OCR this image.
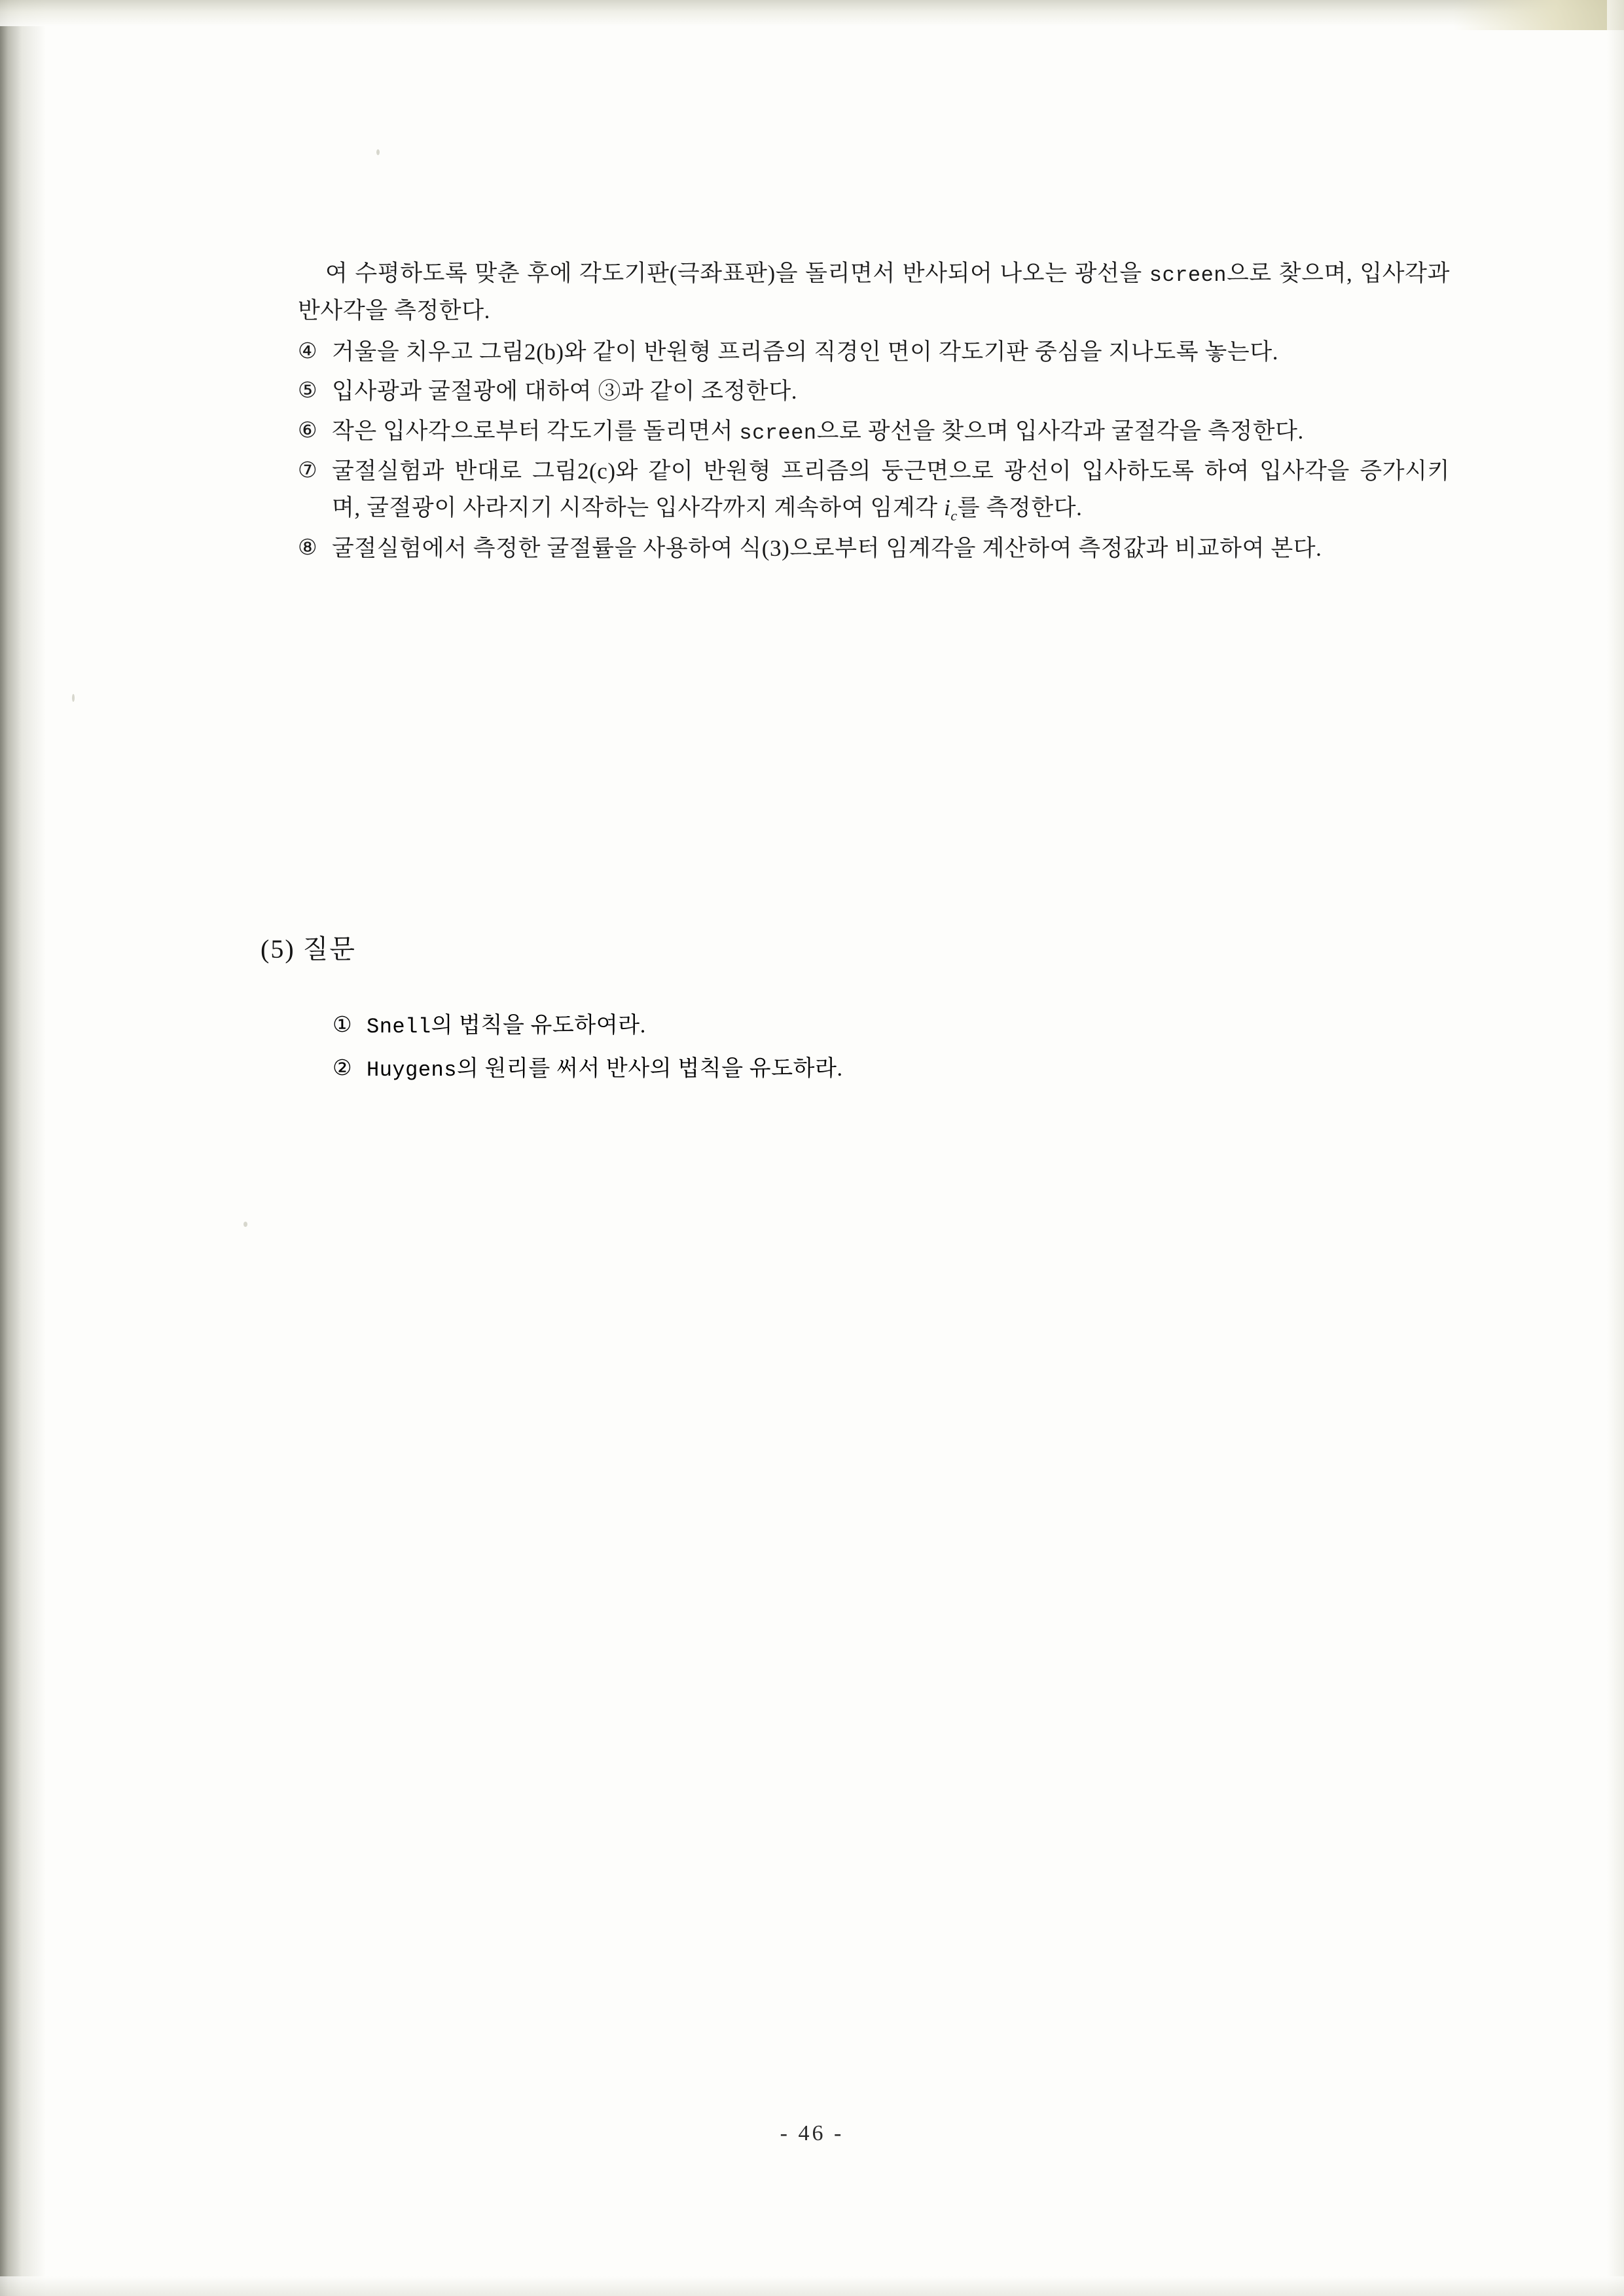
여 수평하도록 맞춘 후에 각도기판(극좌표판)을 돌리면서 반사되어 나오는 광선을 screen으로 찾으며, 입사각과 반사각을 측정한다.

④ 거울을 치우고 그림2(b)와 같이 반원형 프리즘의 직경인 면이 각도기판 중심을 지나도록 놓는다.
⑤ 입사광과 굴절광에 대하여 ③과 같이 조정한다.
⑥ 작은 입사각으로부터 각도기를 돌리면서 screen으로 광선을 찾으며 입사각과 굴절각을 측정한다.
⑦ 굴절실험과 반대로 그림2(c)와 같이 반원형 프리즘의 둥근면으로 광선이 입사하도록 하여 입사각을 증가시키며, 굴절광이 사라지기 시작하는 입사각까지 계속하여 임계각 $i_c$를 측정한다.
⑧ 굴절실험에서 측정한 굴절률을 사용하여 식(3)으로부터 임계각을 계산하여 측정값과 비교하여 본다.
(5) 질문
① Snell의 법칙을 유도하여라.
② Huygens의 원리를 써서 반사의 법칙을 유도하라.
- 46 -
